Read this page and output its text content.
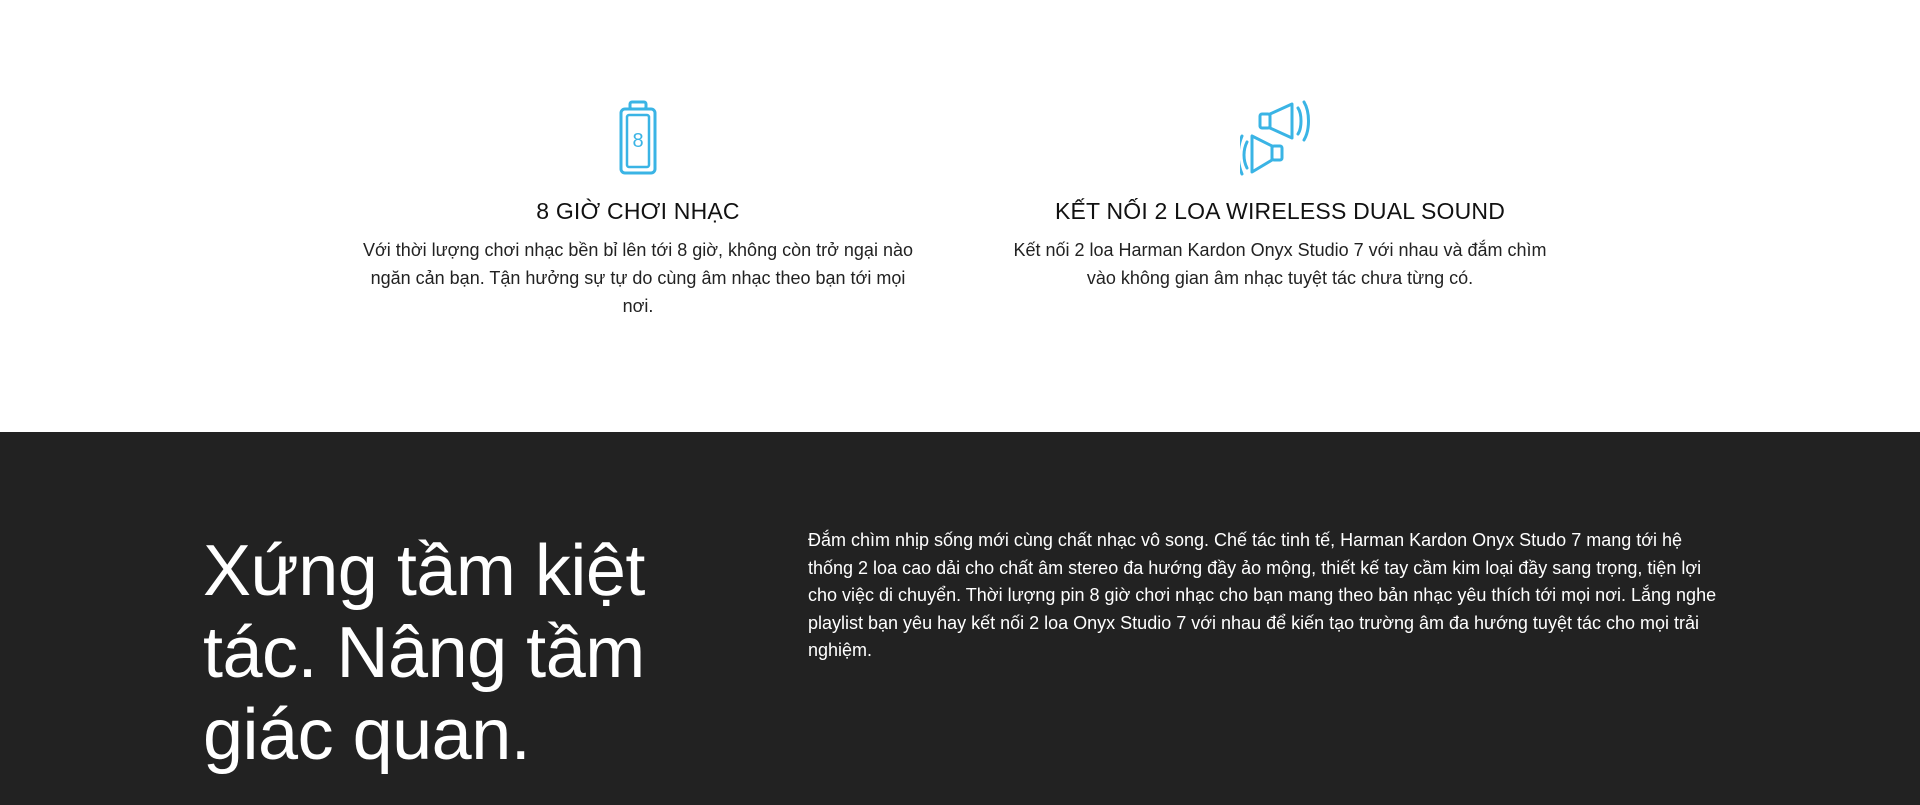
8
8 GIỜ CHƠI NHẠC

Với thời lượng chơi nhạc bền bỉ lên tới 8 giờ, không còn trở ngại nào ngăn cản bạn. Tận hưởng sự tự do cùng âm nhạc theo bạn tới mọi nơi.

KẾT NỐI 2 LOA WIRELESS DUAL SOUND

Kết nối 2 loa Harman Kardon Onyx Studio 7 với nhau và đắm chìm vào không gian âm nhạc tuyệt tác chưa từng có.

Xứng tầm kiệt tác. Nâng tầm giác quan.

Đắm chìm nhịp sống mới cùng chất nhạc vô song. Chế tác tinh tế, Harman Kardon Onyx Studo 7 mang tới hệ thống 2 loa cao dải cho chất âm stereo đa hướng đầy ảo mộng, thiết kế tay cầm kim loại đầy sang trọng, tiện lợi cho việc di chuyển. Thời lượng pin 8 giờ chơi nhạc cho bạn mang theo bản nhạc yêu thích tới mọi nơi. Lắng nghe playlist bạn yêu hay kết nối 2 loa Onyx Studio 7 với nhau để kiến tạo trường âm đa hướng tuyệt tác cho mọi trải nghiệm.
